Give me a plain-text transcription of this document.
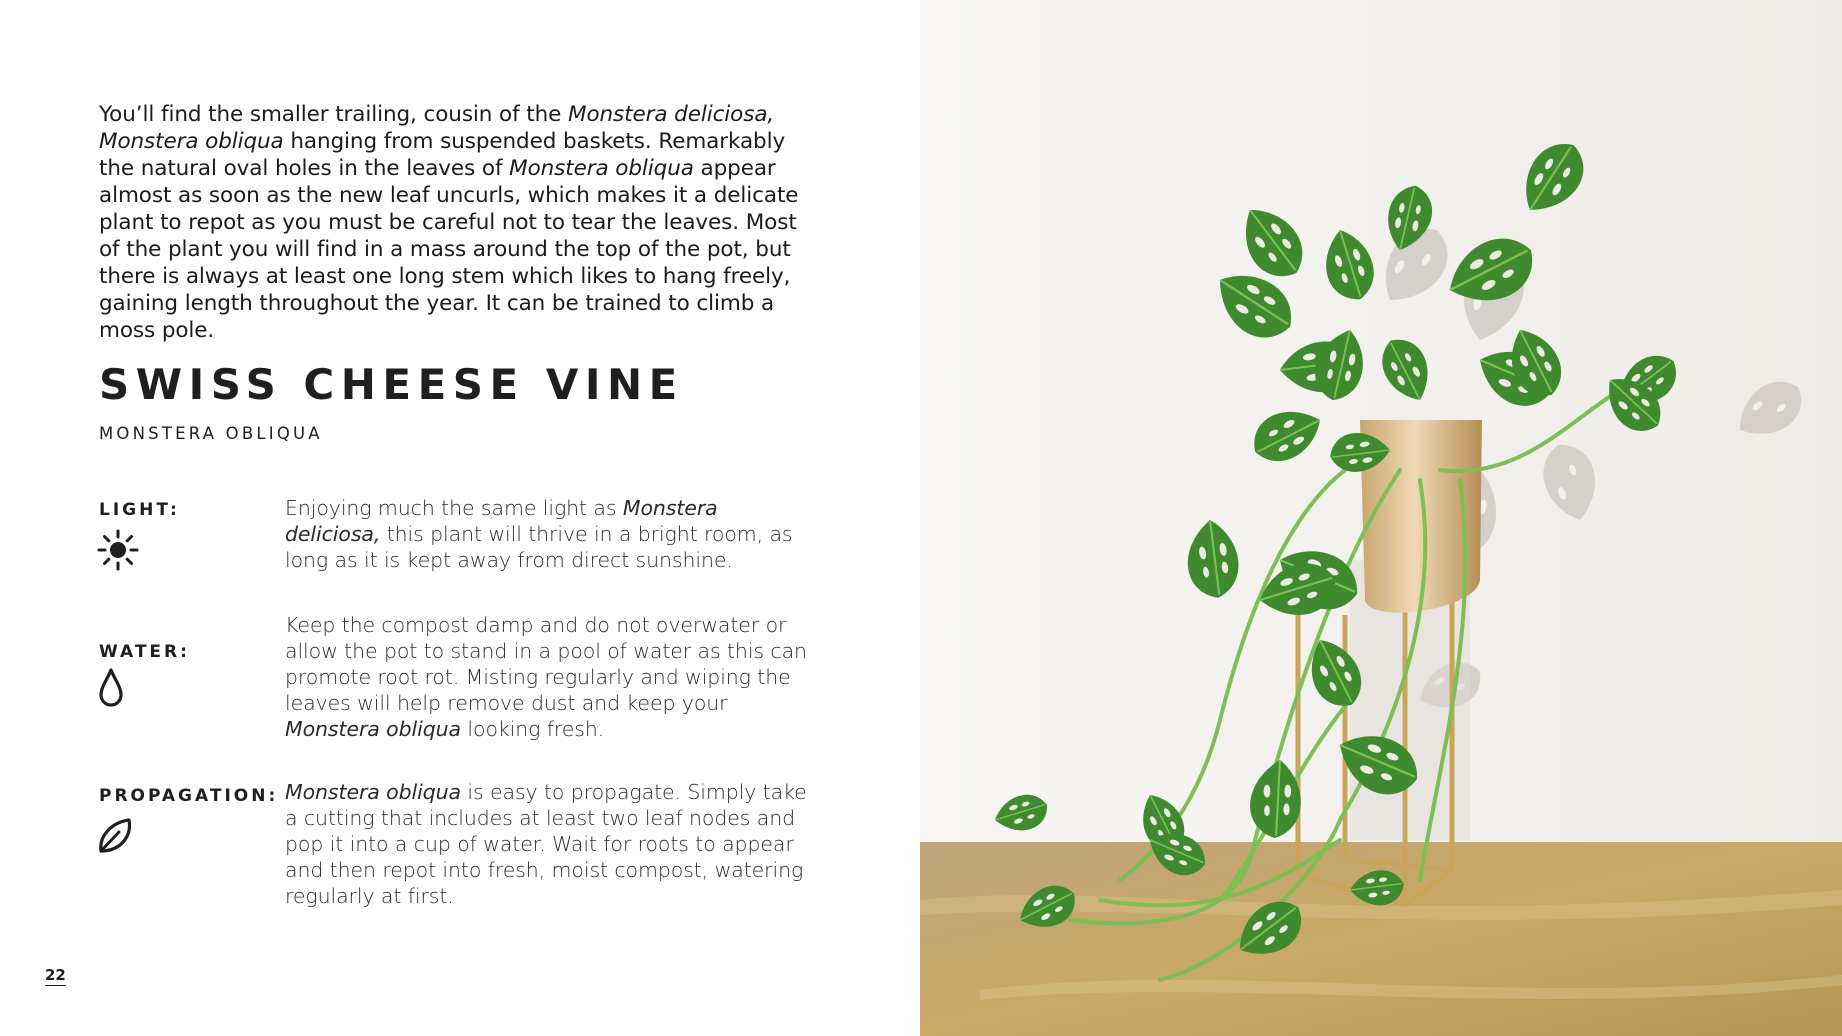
You’ll find the smaller trailing, cousin of the Monstera deliciosa, Monstera obliqua hanging from suspended baskets. Remarkably the natural oval holes in the leaves of Monstera obliqua appear almost as soon as the new leaf uncurls, which makes it a delicate plant to repot as you must be careful not to tear the leaves. Most of the plant you will find in a mass around the top of the pot, but there is always at least one long stem which likes to hang freely, gaining length throughout the year. It can be trained to climb a moss pole.
SWISS CHEESE VINE
MONSTERA OBLIQUA
LIGHT:	Enjoying much the same light as Monstera deliciosa, this plant will thrive in a bright room, as long as it is kept away from direct sunshine.
WATER:
Keep the compost damp and do not overwater or allow the pot to stand in a pool of water as this can promote root rot. Misting regularly and wiping the leaves will help remove dust and keep your Monstera obliqua looking fresh.
PROPAGATION: Monstera obliqua is easy to propagate. Simply take a cutting that includes at least two leaf nodes and pop it into a cup of water. Wait for roots to appear and then repot into fresh, moist compost, watering regularly at first.
22
